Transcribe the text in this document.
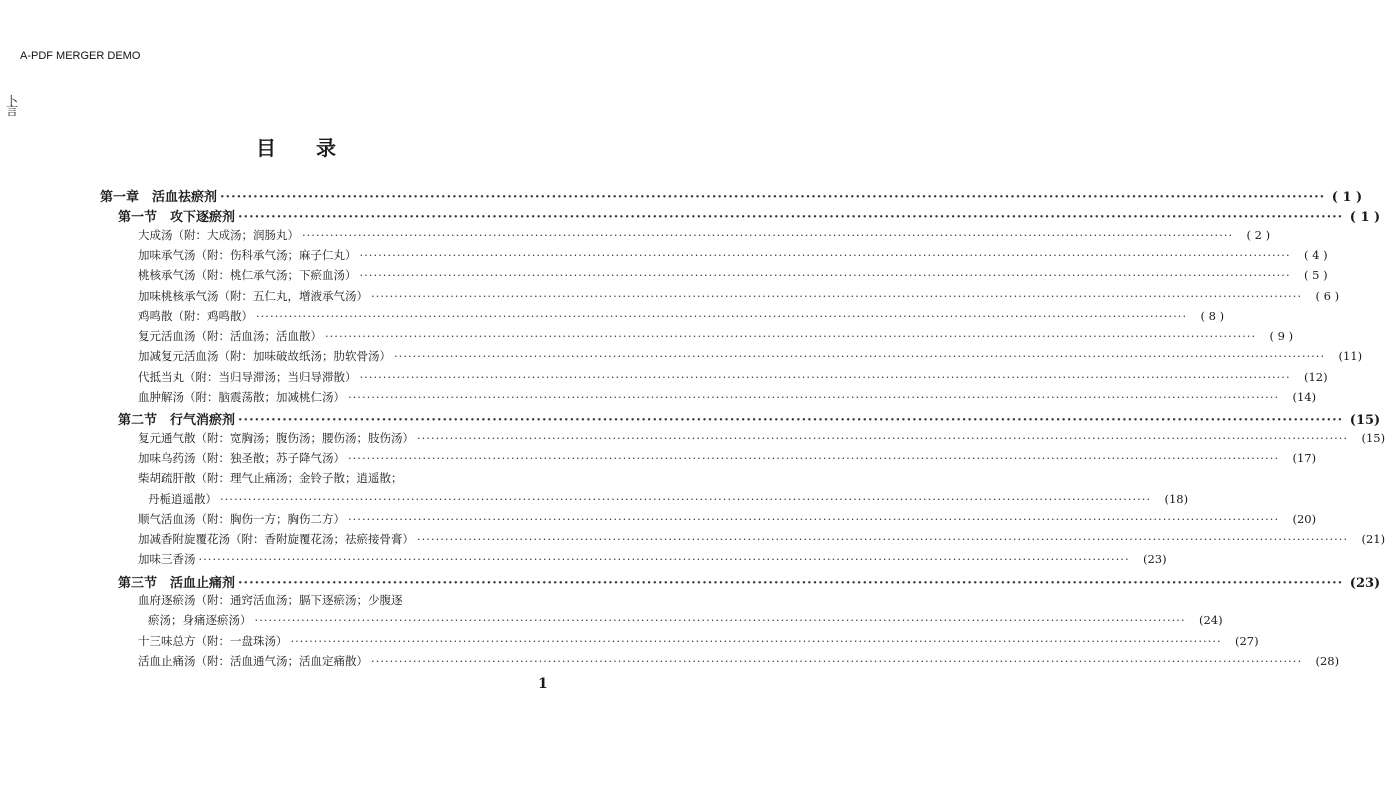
A-PDF MERGER DEMO
卜
言
目录
第一章　活血祛瘀剂 ········································································································································································································ ( 1 )
第一节　攻下逐瘀剂 ········································································································································································································ ( 1 )
大成汤（附：大成汤；润肠丸） ········································································································································································································	( 2 )
加味承气汤（附：伤科承气汤；麻子仁丸） ········································································································································································································	( 4 )
桃核承气汤（附：桃仁承气汤；下瘀血汤） ········································································································································································································	( 5 )
加味桃核承气汤（附：五仁丸，增液承气汤） ········································································································································································································	( 6 )
鸡鸣散（附：鸡鸣散） ········································································································································································································	( 8 )
复元活血汤（附：活血汤；活血散） ········································································································································································································	( 9 )
加减复元活血汤（附：加味破故纸汤；肋软骨汤） ········································································································································································································	(11)
代抵当丸（附：当归导滞汤；当归导滞散） ········································································································································································································	(12)
血肿解汤（附：脑震荡散；加减桃仁汤） ········································································································································································································	(14)
第二节　行气消瘀剂 ········································································································································································································ (15)
复元通气散（附：宽胸汤；腹伤汤；腰伤汤；肢伤汤） ········································································································································································································	(15)
加味乌药汤（附：独圣散；苏子降气汤） ········································································································································································································	(17)
柴胡疏肝散（附：理气止痛汤；金铃子散；逍遥散；
丹栀逍遥散） ········································································································································································································	(18)
顺气活血汤（附：胸伤一方；胸伤二方） ········································································································································································································	(20)
加减香附旋覆花汤（附：香附旋覆花汤；祛瘀接骨膏） ········································································································································································································	(21)
加味三香汤 ········································································································································································································	(23)
第三节　活血止痛剂 ········································································································································································································ (23)
血府逐瘀汤（附：通窍活血汤；膈下逐瘀汤；少腹逐
瘀汤；身痛逐瘀汤） ········································································································································································································	(24)
十三味总方（附：一盘珠汤） ········································································································································································································	(27)
活血止痛汤（附：活血通气汤；活血定痛散） ········································································································································································································	(28)
1
